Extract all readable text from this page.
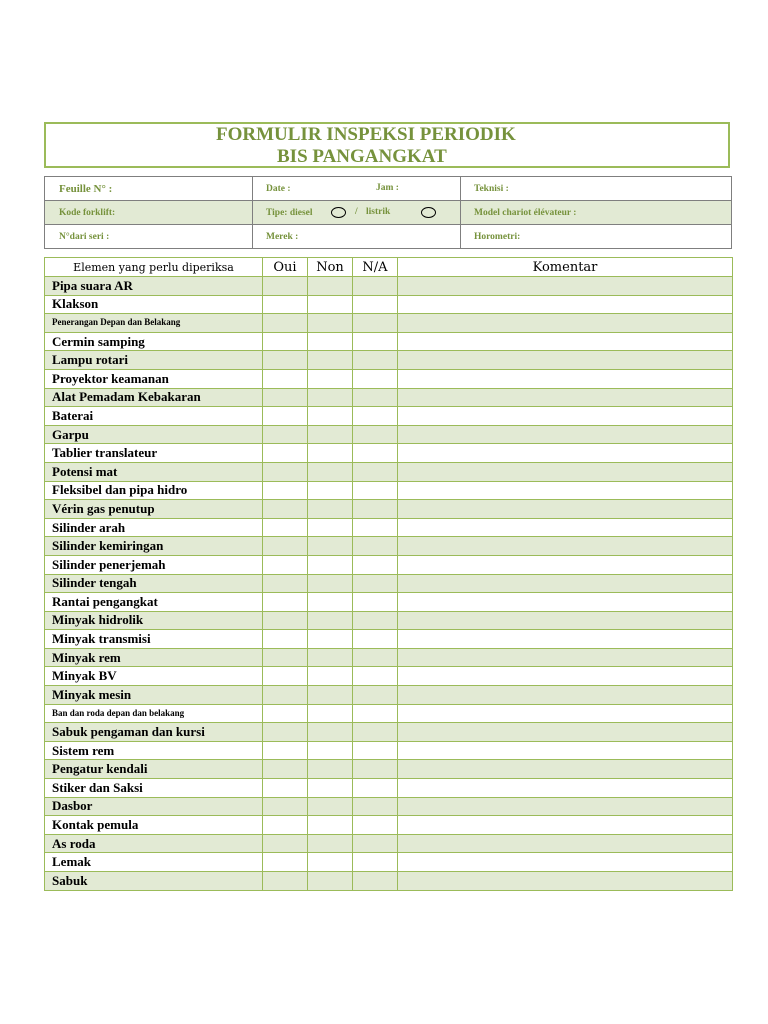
FORMULIR INSPEKSI PERIODIK
BIS PANGANGKAT
Feuille N° :	Date : Jam :	Teknisi :
Kode forklift:	Tipe: diesel / listrik	Model chariot élévateur :
N°dari seri :	Merek :	Horometri:
Elemen yang perlu diperiksa	Oui	Non	N/A	Komentar
Pipa suara AR				
Klakson				
Penerangan Depan dan Belakang				
Cermin samping				
Lampu rotari				
Proyektor keamanan				
Alat Pemadam Kebakaran				
Baterai				
Garpu				
Tablier translateur				
Potensi mat				
Fleksibel dan pipa hidro				
Vérin gas penutup				
Silinder arah				
Silinder kemiringan				
Silinder penerjemah				
Silinder tengah				
Rantai pengangkat				
Minyak hidrolik				
Minyak transmisi				
Minyak rem				
Minyak BV				
Minyak mesin				
Ban dan roda depan dan belakang				
Sabuk pengaman dan kursi				
Sistem rem				
Pengatur kendali				
Stiker dan Saksi				
Dasbor				
Kontak pemula				
As roda				
Lemak				
Sabuk				
